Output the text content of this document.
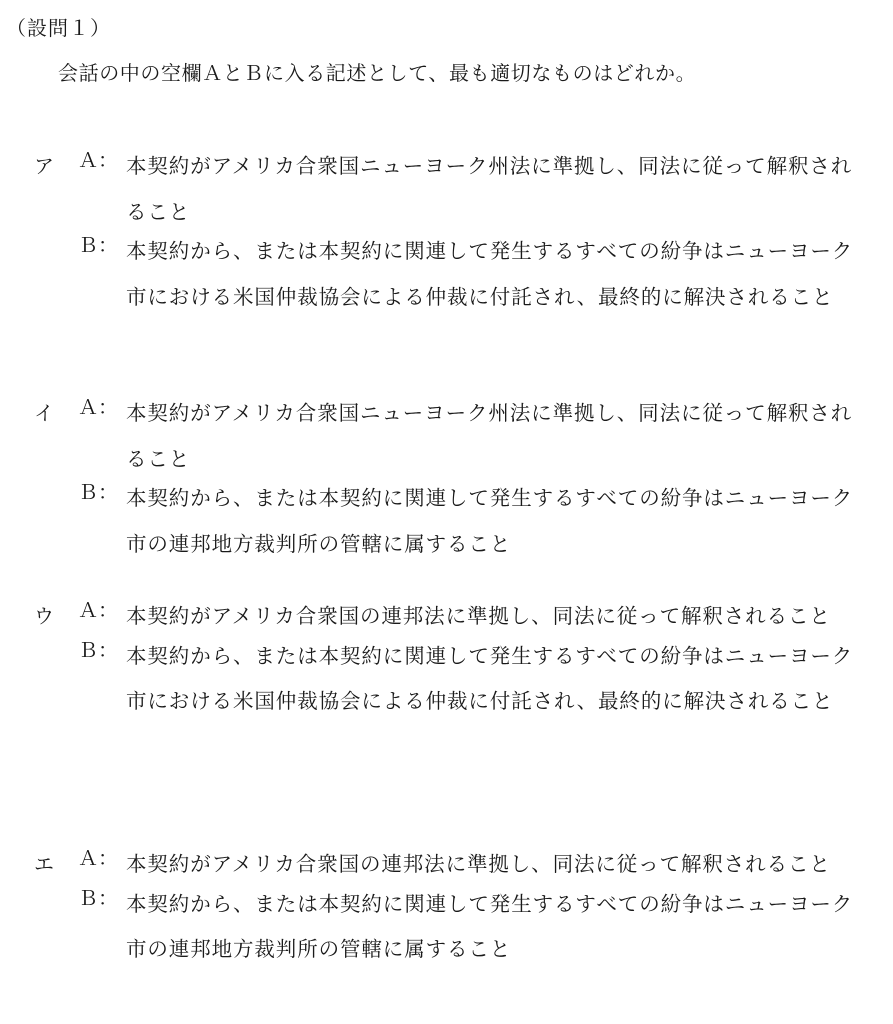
（設問１）
会話の中の空欄ＡとＢに入る記述として、最も適切なものはどれか。
ア Ａ： 本契約がアメリカ合衆国ニューヨーク州法に準拠し、同法に従って解釈されること
Ｂ： 本契約から、または本契約に関連して発生するすべての紛争はニューヨーク市における米国仲裁協会による仲裁に付託され、最終的に解決されること
イ Ａ： 本契約がアメリカ合衆国ニューヨーク州法に準拠し、同法に従って解釈されること
Ｂ： 本契約から、または本契約に関連して発生するすべての紛争はニューヨーク市の連邦地方裁判所の管轄に属すること
ウ Ａ： 本契約がアメリカ合衆国の連邦法に準拠し、同法に従って解釈されること
Ｂ： 本契約から、または本契約に関連して発生するすべての紛争はニューヨーク市における米国仲裁協会による仲裁に付託され、最終的に解決されること
エ Ａ： 本契約がアメリカ合衆国の連邦法に準拠し、同法に従って解釈されること
Ｂ： 本契約から、または本契約に関連して発生するすべての紛争はニューヨーク市の連邦地方裁判所の管轄に属すること
